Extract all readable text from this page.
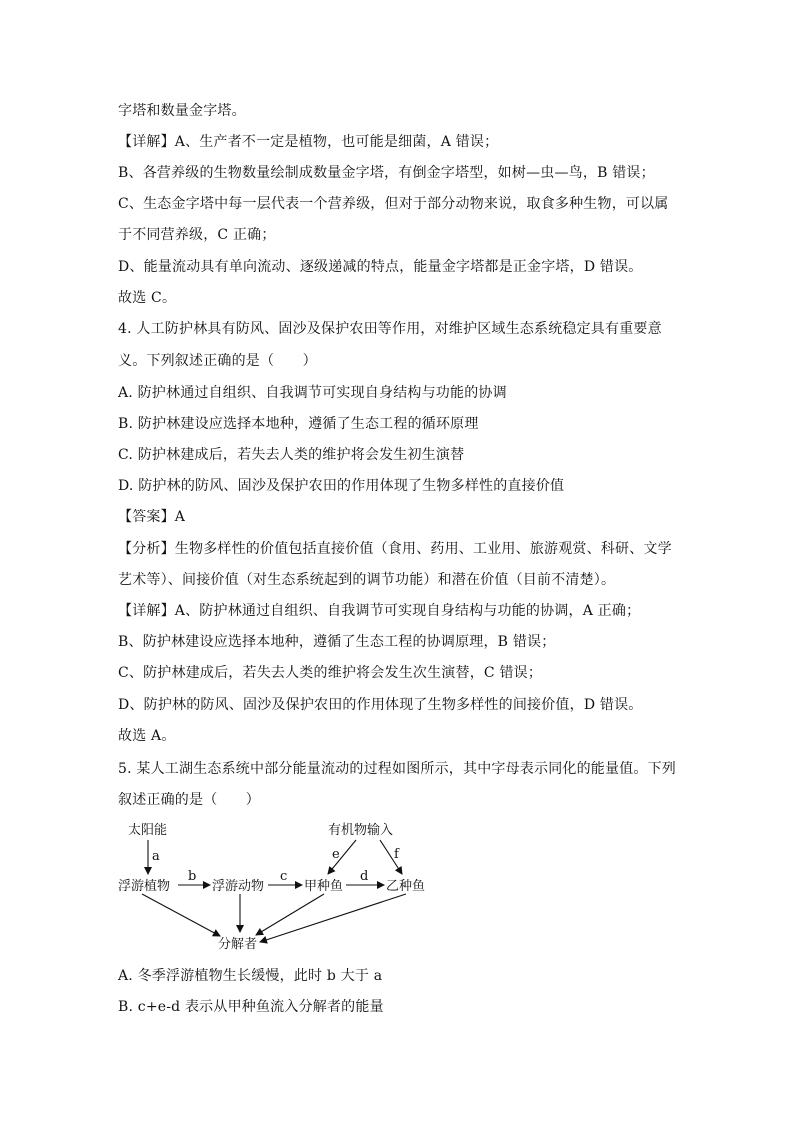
字塔和数量金字塔。
【详解】A、生产者不一定是植物，也可能是细菌，A 错误；
B、各营养级的生物数量绘制成数量金字塔，有倒金字塔型，如树—虫—鸟，B 错误；
C、生态金字塔中每一层代表一个营养级，但对于部分动物来说，取食多种生物，可以属
于不同营养级，C 正确；
D、能量流动具有单向流动、逐级递减的特点，能量金字塔都是正金字塔，D 错误。
故选 C。
4. 人工防护林具有防风、固沙及保护农田等作用，对维护区域生态系统稳定具有重要意
义。下列叙述正确的是（　　）
A. 防护林通过自组织、自我调节可实现自身结构与功能的协调
B. 防护林建设应选择本地种，遵循了生态工程的循环原理
C. 防护林建成后，若失去人类的维护将会发生初生演替
D. 防护林的防风、固沙及保护农田的作用体现了生物多样性的直接价值
【答案】A
【分析】生物多样性的价值包括直接价值（食用、药用、工业用、旅游观赏、科研、文学
艺术等）、间接价值（对生态系统起到的调节功能）和潜在价值（目前不清楚）。
【详解】A、防护林通过自组织、自我调节可实现自身结构与功能的协调，A 正确；
B、防护林建设应选择本地种，遵循了生态工程的协调原理，B 错误；
C、防护林建成后，若失去人类的维护将会发生次生演替，C 错误；
D、防护林的防风、固沙及保护农田的作用体现了生物多样性的间接价值，D 错误。
故选 A。
5. 某人工湖生态系统中部分能量流动的过程如图所示，其中字母表示同化的能量值。下列
叙述正确的是（　　）
太阳能	有机物输入
浮游植物	浮游动物	甲种鱼	乙种鱼
分解者
a
b	c	d
e	f
A. 冬季浮游植物生长缓慢，此时 b 大于 a
B. c+e-d 表示从甲种鱼流入分解者的能量
